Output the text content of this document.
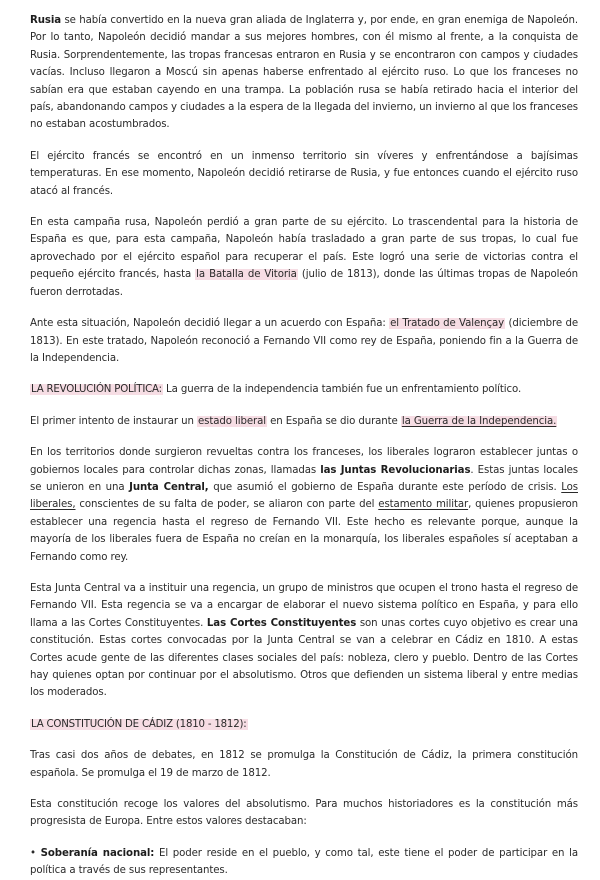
Rusia se había convertido en la nueva gran aliada de Inglaterra y, por ende, en gran enemiga de Napoleón. Por lo tanto, Napoleón decidió mandar a sus mejores hombres, con él mismo al frente, a la conquista de Rusia. Sorprendentemente, las tropas francesas entraron en Rusia y se encontraron con campos y ciudades vacías. Incluso llegaron a Moscú sin apenas haberse enfrentado al ejército ruso. Lo que los franceses no sabían era que estaban cayendo en una trampa. La población rusa se había retirado hacia el interior del país, abandonando campos y ciudades a la espera de la llegada del invierno, un invierno al que los franceses no estaban acostumbrados.

El ejército francés se encontró en un inmenso territorio sin víveres y enfrentándose a bajísimas temperaturas. En ese momento, Napoleón decidió retirarse de Rusia, y fue entonces cuando el ejército ruso atacó al francés.

En esta campaña rusa, Napoleón perdió a gran parte de su ejército. Lo trascendental para la historia de España es que, para esta campaña, Napoleón había trasladado a gran parte de sus tropas, lo cual fue aprovechado por el ejército español para recuperar el país. Este logró una serie de victorias contra el pequeño ejército francés, hasta la Batalla de Vitoria (julio de 1813), donde las últimas tropas de Napoleón fueron derrotadas.

Ante esta situación, Napoleón decidió llegar a un acuerdo con España: el Tratado de Valençay (diciembre de 1813). En este tratado, Napoleón reconoció a Fernando VII como rey de España, poniendo fin a la Guerra de la Independencia.

LA REVOLUCIÓN POLÍTICA: La guerra de la independencia también fue un enfrentamiento político.

El primer intento de instaurar un estado liberal en España se dio durante la Guerra de la Independencia.

En los territorios donde surgieron revueltas contra los franceses, los liberales lograron establecer juntas o gobiernos locales para controlar dichas zonas, llamadas las Juntas Revolucionarias. Estas juntas locales se unieron en una Junta Central, que asumió el gobierno de España durante este período de crisis. Los liberales, conscientes de su falta de poder, se aliaron con parte del estamento militar, quienes propusieron establecer una regencia hasta el regreso de Fernando VII. Este hecho es relevante porque, aunque la mayoría de los liberales fuera de España no creían en la monarquía, los liberales españoles sí aceptaban a Fernando como rey.

Esta Junta Central va a instituir una regencia, un grupo de ministros que ocupen el trono hasta el regreso de Fernando VII. Esta regencia se va a encargar de elaborar el nuevo sistema político en España, y para ello llama a las Cortes Constituyentes. Las Cortes Constituyentes son unas cortes cuyo objetivo es crear una constitución. Estas cortes convocadas por la Junta Central se van a celebrar en Cádiz en 1810. A estas Cortes acude gente de las diferentes clases sociales del país: nobleza, clero y pueblo. Dentro de las Cortes hay quienes optan por continuar por el absolutismo. Otros que defienden un sistema liberal y entre medias los moderados.

LA CONSTITUCIÓN DE CÁDIZ (1810 - 1812):

Tras casi dos años de debates, en 1812 se promulga la Constitución de Cádiz, la primera constitución española. Se promulga el 19 de marzo de 1812.

Esta constitución recoge los valores del absolutismo. Para muchos historiadores es la constitución más progresista de Europa. Entre estos valores destacaban:

• Soberanía nacional: El poder reside en el pueblo, y como tal, este tiene el poder de participar en la política a través de sus representantes.
